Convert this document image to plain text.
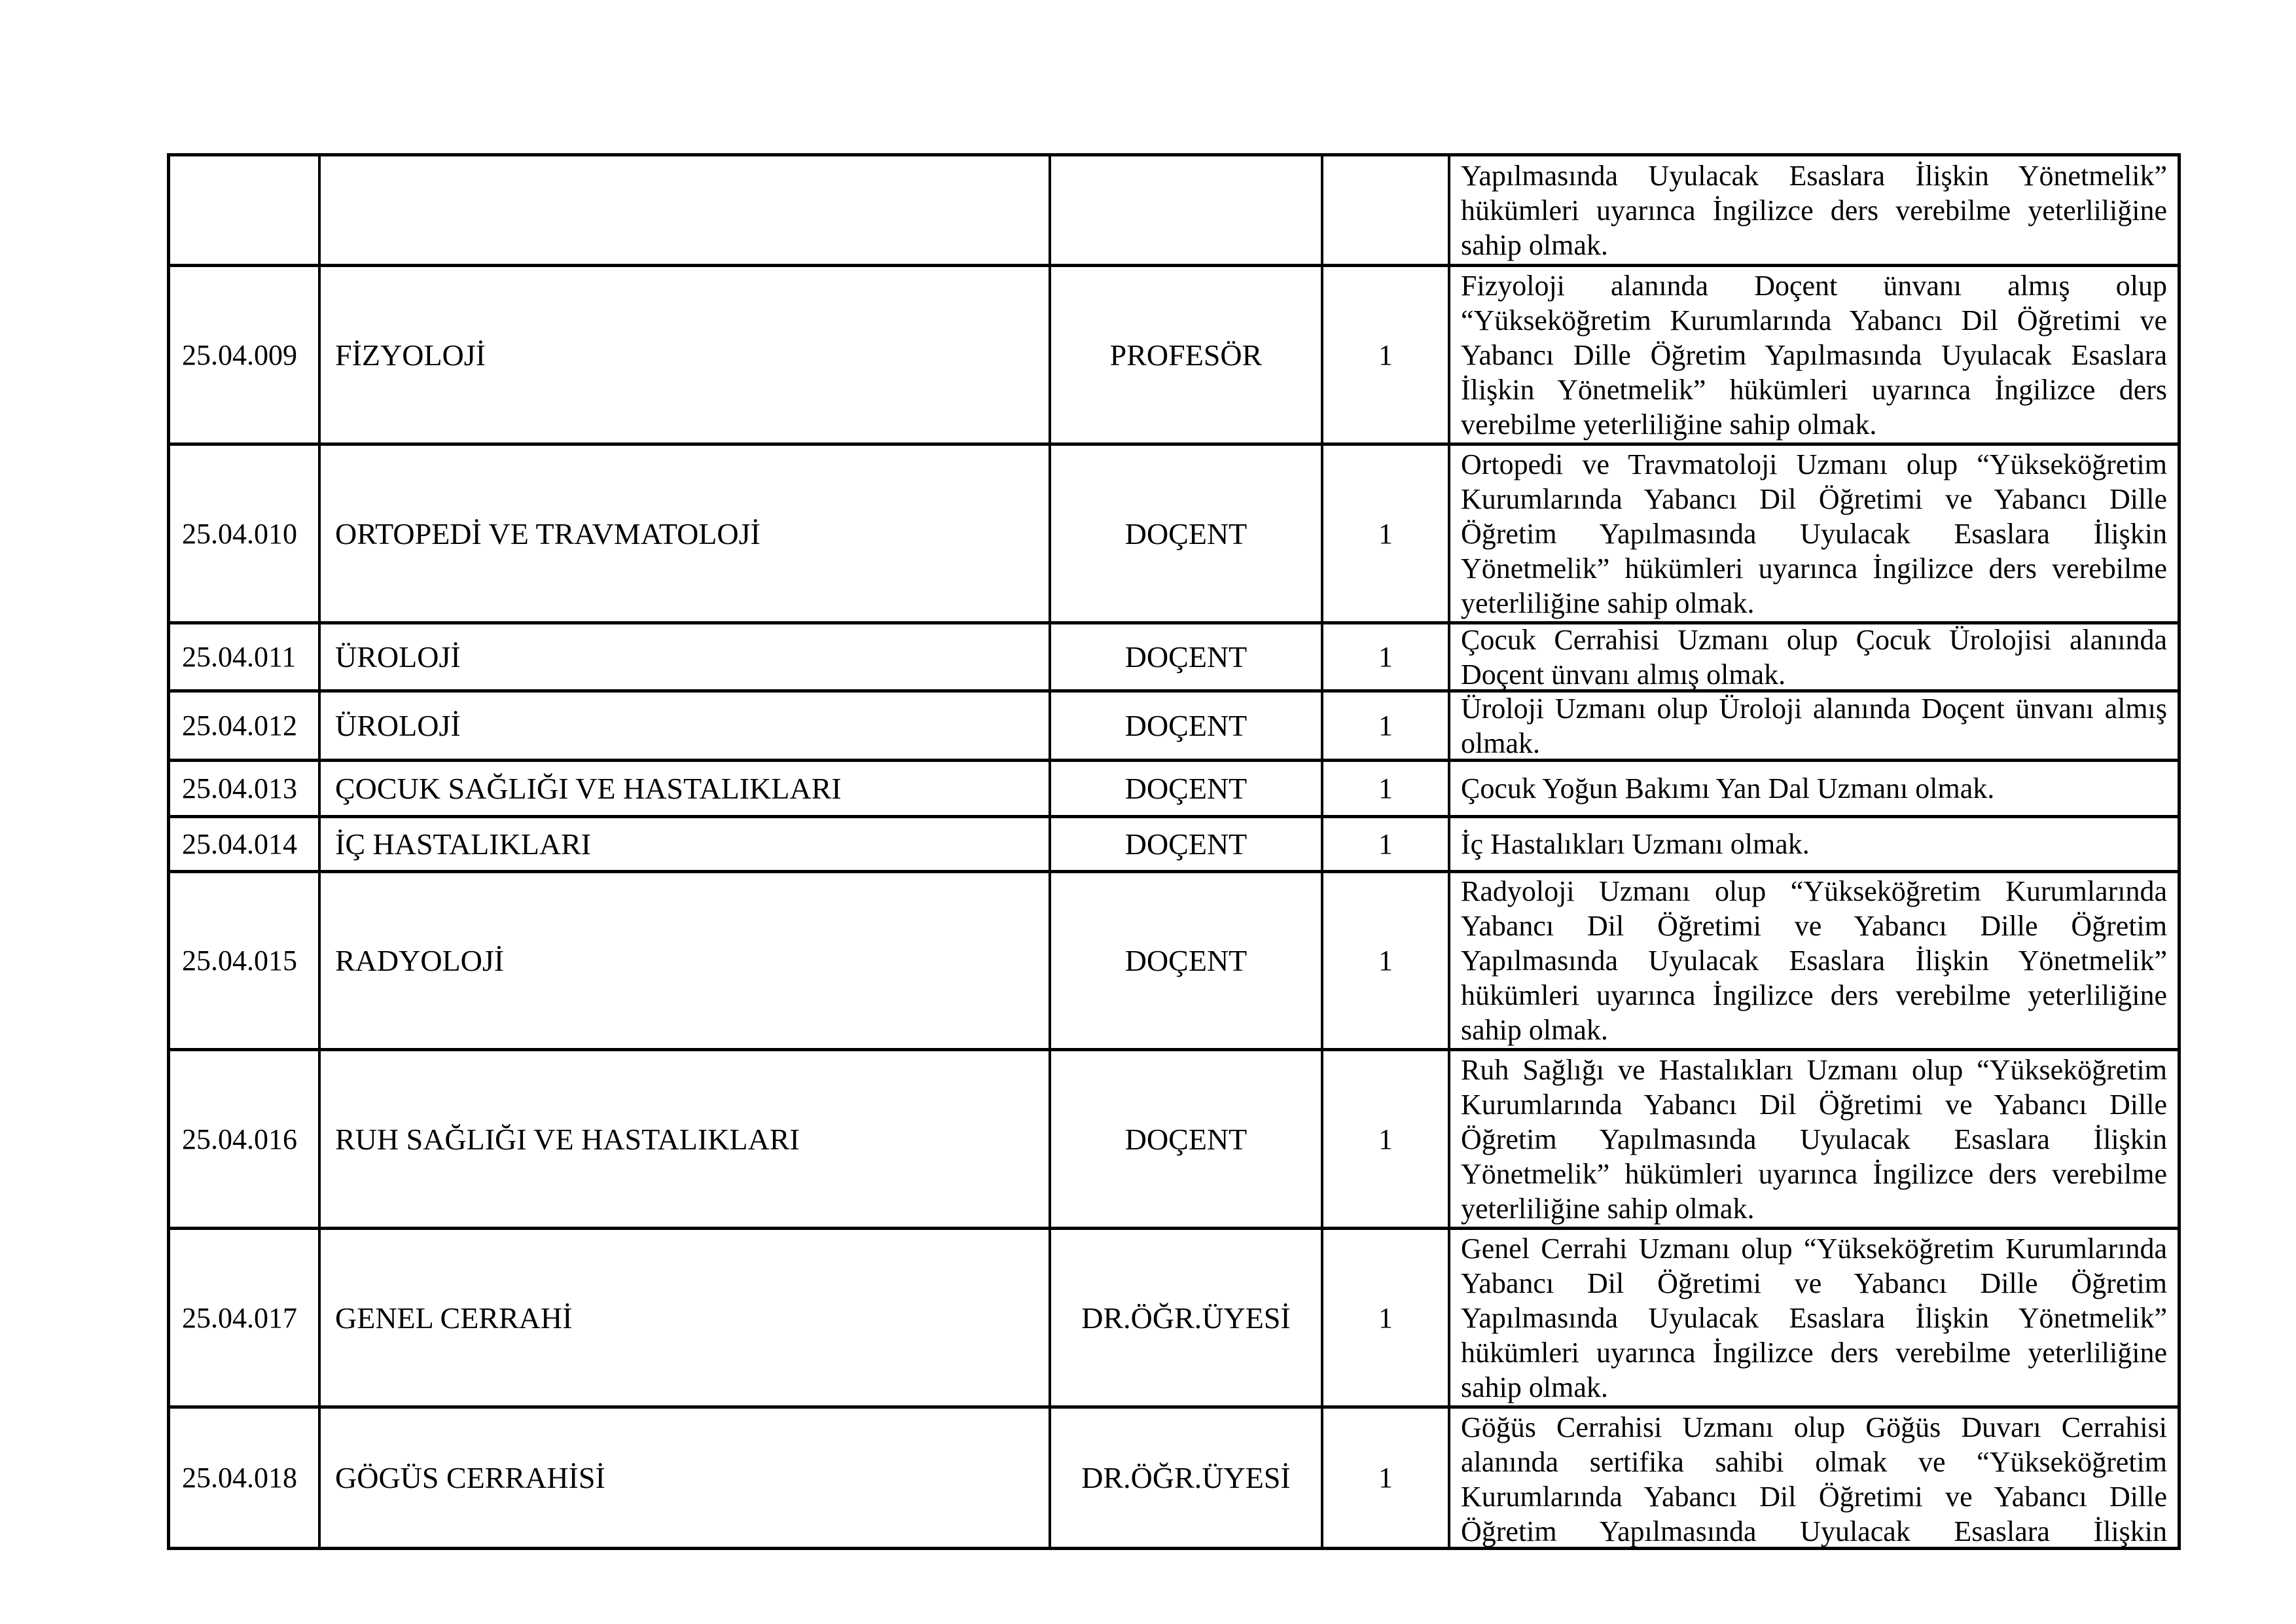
Yapılmasında Uyulacak Esaslara İlişkin Yönetmelik” hükümleri uyarınca İngilizce ders verebilme yeterliliğine sahip olmak.
25.04.009 FİZYOLOJİ	PROFESÖR	1
Fizyoloji alanında Doçent ünvanı almış olup “Yükseköğretim Kurumlarında Yabancı Dil Öğretimi ve Yabancı Dille Öğretim Yapılmasında Uyulacak Esaslara İlişkin Yönetmelik” hükümleri uyarınca İngilizce ders verebilme yeterliliğine sahip olmak.
25.04.010 ORTOPEDİ VE TRAVMATOLOJİ	DOÇENT	1
Ortopedi ve Travmatoloji Uzmanı olup “Yükseköğretim Kurumlarında Yabancı Dil Öğretimi ve Yabancı Dille Öğretim Yapılmasında Uyulacak Esaslara İlişkin Yönetmelik” hükümleri uyarınca İngilizce ders verebilme yeterliliğine sahip olmak.
25.04.011 ÜROLOJİ	DOÇENT	1
Çocuk Cerrahisi Uzmanı olup Çocuk Ürolojisi alanında Doçent ünvanı almış olmak.
25.04.012 ÜROLOJİ	DOÇENT	1
Üroloji Uzmanı olup Üroloji alanında Doçent ünvanı almış olmak.
25.04.013 ÇOCUK SAĞLIĞI VE HASTALIKLARI	DOÇENT	1 Çocuk Yoğun Bakımı Yan Dal Uzmanı olmak.
25.04.014 İÇ HASTALIKLARI	DOÇENT	1 İç Hastalıkları Uzmanı olmak.
25.04.015 RADYOLOJİ	DOÇENT	1
Radyoloji Uzmanı olup “Yükseköğretim Kurumlarında Yabancı Dil Öğretimi ve Yabancı Dille Öğretim Yapılmasında Uyulacak Esaslara İlişkin Yönetmelik” hükümleri uyarınca İngilizce ders verebilme yeterliliğine sahip olmak.
25.04.016 RUH SAĞLIĞI VE HASTALIKLARI	DOÇENT	1
Ruh Sağlığı ve Hastalıkları Uzmanı olup “Yükseköğretim Kurumlarında Yabancı Dil Öğretimi ve Yabancı Dille Öğretim Yapılmasında Uyulacak Esaslara İlişkin Yönetmelik” hükümleri uyarınca İngilizce ders verebilme yeterliliğine sahip olmak.
25.04.017 GENEL CERRAHİ	DR.ÖĞR.ÜYESİ	1
Genel Cerrahi Uzmanı olup “Yükseköğretim Kurumlarında Yabancı Dil Öğretimi ve Yabancı Dille Öğretim Yapılmasında Uyulacak Esaslara İlişkin Yönetmelik” hükümleri uyarınca İngilizce ders verebilme yeterliliğine sahip olmak.
25.04.018 GÖGÜS CERRAHİSİ	DR.ÖĞR.ÜYESİ	1
Göğüs Cerrahisi Uzmanı olup Göğüs Duvarı Cerrahisi alanında sertifika sahibi olmak ve “Yükseköğretim Kurumlarında Yabancı Dil Öğretimi ve Yabancı Dille Öğretim Yapılmasında Uyulacak Esaslara İlişkin
